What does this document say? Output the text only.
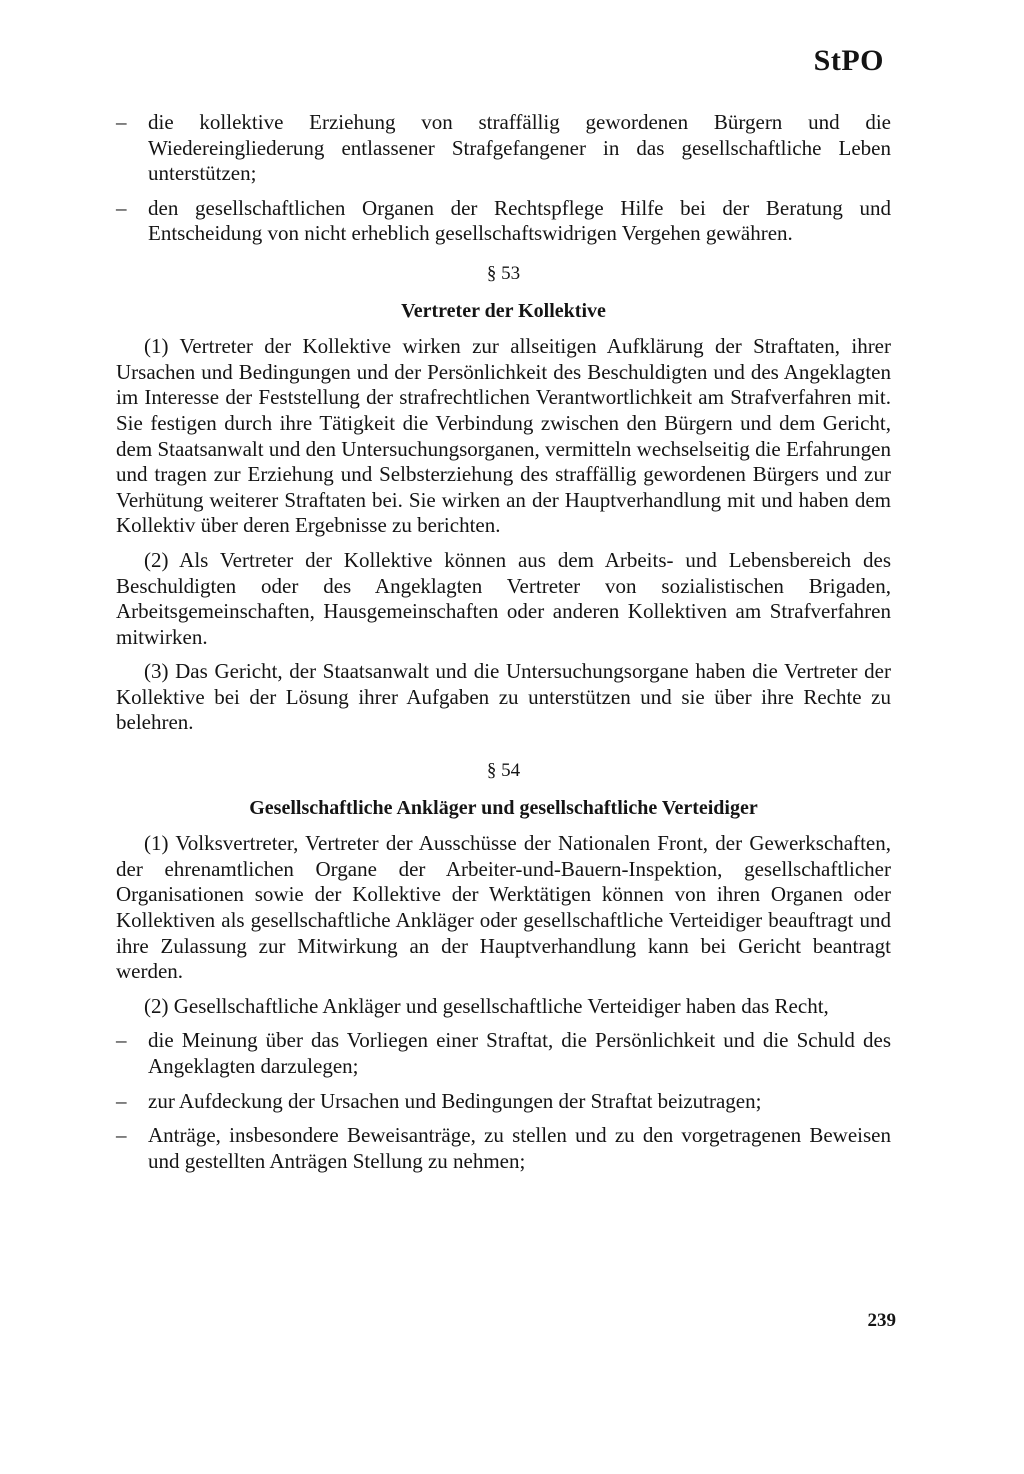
StPO
–	die kollektive Erziehung von straffällig gewordenen Bürgern und die Wiedereingliederung entlassener Strafgefangener in das gesellschaftliche Leben unterstützen;
–	den gesellschaftlichen Organen der Rechtspflege Hilfe bei der Beratung und Entscheidung von nicht erheblich gesellschaftswidrigen Vergehen gewähren.
§ 53
Vertreter der Kollektive

(1) Vertreter der Kollektive wirken zur allseitigen Aufklärung der Straftaten, ihrer Ursachen und Bedingungen und der Persönlichkeit des Beschuldigten und des Angeklagten im Interesse der Feststellung der strafrechtlichen Verantwortlichkeit am Strafverfahren mit. Sie festigen durch ihre Tätigkeit die Verbindung zwischen den Bürgern und dem Gericht, dem Staatsanwalt und den Untersuchungsorganen, vermitteln wechselseitig die Erfahrungen und tragen zur Erziehung und Selbsterziehung des straffällig gewordenen Bürgers und zur Verhütung weiterer Straftaten bei. Sie wirken an der Hauptverhandlung mit und haben dem Kollektiv über deren Ergebnisse zu berichten.

(2) Als Vertreter der Kollektive können aus dem Arbeits- und Lebensbereich des Beschuldigten oder des Angeklagten Vertreter von sozialistischen Brigaden, Arbeitsgemeinschaften, Hausgemeinschaften oder anderen Kollektiven am Strafverfahren mitwirken.

(3) Das Gericht, der Staatsanwalt und die Untersuchungsorgane haben die Vertreter der Kollektive bei der Lösung ihrer Aufgaben zu unterstützen und sie über ihre Rechte zu belehren.

§ 54
Gesellschaftliche Ankläger und gesellschaftliche Verteidiger

(1) Volksvertreter, Vertreter der Ausschüsse der Nationalen Front, der Gewerkschaften, der ehrenamtlichen Organe der Arbeiter-und-Bauern-Inspektion, gesellschaftlicher Organisationen sowie der Kollektive der Werktätigen können von ihren Organen oder Kollektiven als gesellschaftliche Ankläger oder gesellschaftliche Verteidiger beauftragt und ihre Zulassung zur Mitwirkung an der Hauptverhandlung kann bei Gericht beantragt werden.

(2) Gesellschaftliche Ankläger und gesellschaftliche Verteidiger haben das Recht,

–	die Meinung über das Vorliegen einer Straftat, die Persönlichkeit und die Schuld des Angeklagten darzulegen;
–	zur Aufdeckung der Ursachen und Bedingungen der Straftat beizutragen;
–	Anträge, insbesondere Beweisanträge, zu stellen und zu den vorgetragenen Beweisen und gestellten Anträgen Stellung zu nehmen;
239
